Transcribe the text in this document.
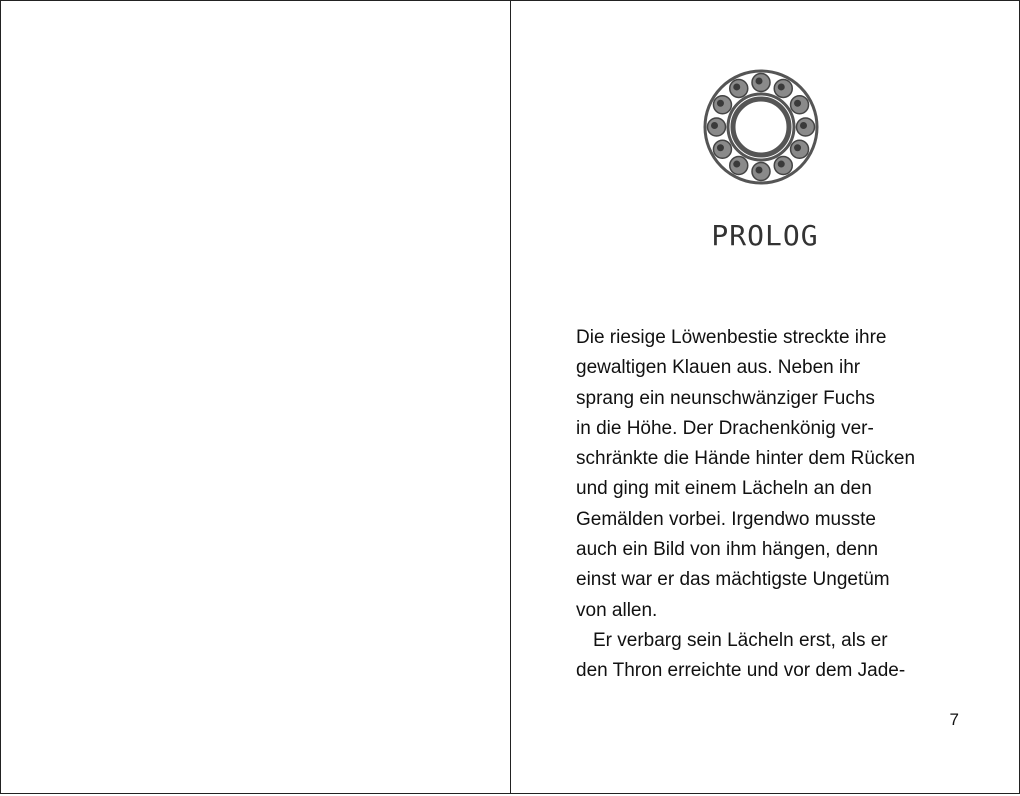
PROLOG

Die riesige Löwenbestie streckte ihre
gewaltigen Klauen aus. Neben ihr
sprang ein neunschwänziger Fuchs
in die Höhe. Der Drachenkönig ver-
schränkte die Hände hinter dem Rücken
und ging mit einem Lächeln an den
Gemälden vorbei. Irgendwo musste
auch ein Bild von ihm hängen, denn
einst war er das mächtigste Ungetüm
von allen.
Er verbarg sein Lächeln erst, als er
den Thron erreichte und vor dem Jade-

7
